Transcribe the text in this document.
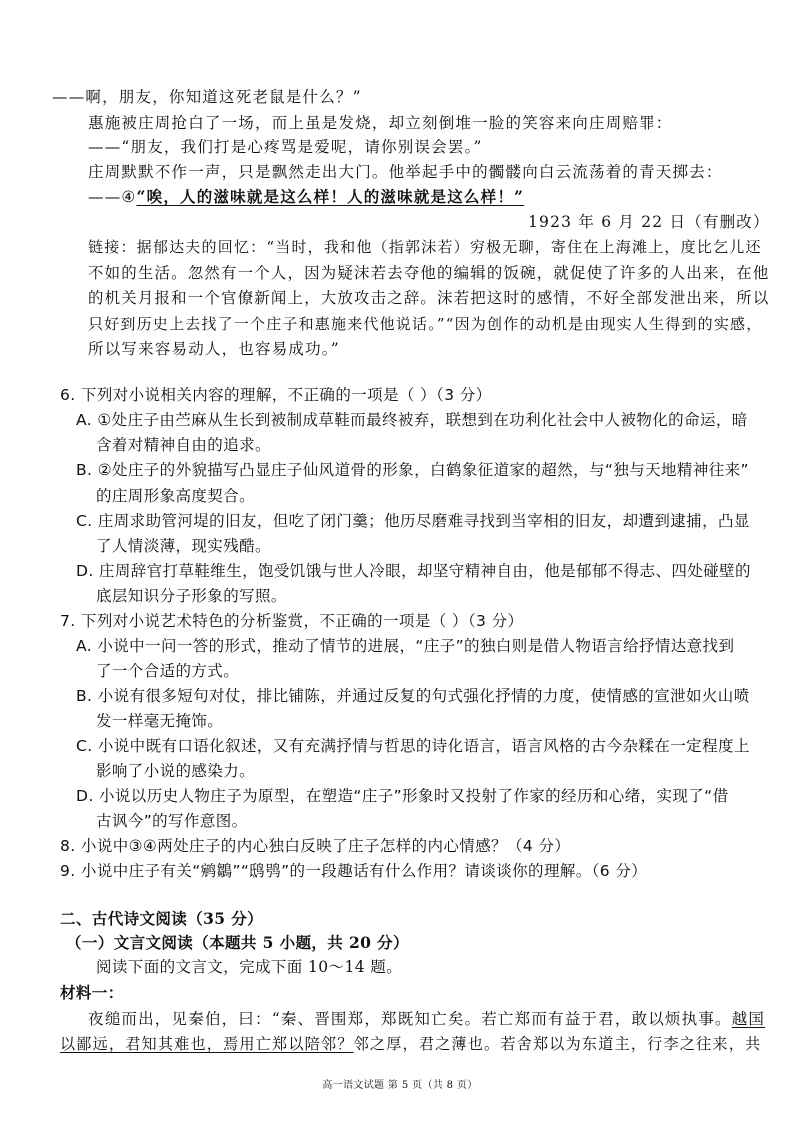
——啊，朋友，你知道这死老鼠是什么？”
惠施被庄周抢白了一场，而上虽是发烧，却立刻倒堆一脸的笑容来向庄周赔罪：
——“朋友，我们打是心疼骂是爱呢，请你别误会罢。”
庄周默默不作一声，只是飘然走出大门。他举起手中的髑髅向白云流荡着的青天掷去：
——④“唉，人的滋味就是这么样！人的滋味就是这么样！”
1923 年 6 月 22 日（有删改）
链接：据郁达夫的回忆：“当时，我和他（指郭沫若）穷极无聊，寄住在上海滩上，度比乞儿还
不如的生活。忽然有一个人，因为疑沫若去夺他的编辑的饭碗，就促使了许多的人出来，在他
的机关月报和一个官僚新闻上，大放攻击之辞。沫若把这时的感情，不好全部发泄出来，所以
只好到历史上去找了一个庄子和惠施来代他说话。”“因为创作的动机是由现实人生得到的实感，
所以写来容易动人，也容易成功。”
6. 下列对小说相关内容的理解，不正确的一项是（ ）（3 分）
A. ①处庄子由苎麻从生长到被制成草鞋而最终被弃，联想到在功利化社会中人被物化的命运，暗
含着对精神自由的追求。
B. ②处庄子的外貌描写凸显庄子仙风道骨的形象，白鹤象征道家的超然，与“独与天地精神往来”
的庄周形象高度契合。
C. 庄周求助管河堤的旧友，但吃了闭门羹；他历尽磨难寻找到当宰相的旧友，却遭到逮捕，凸显
了人情淡薄，现实残酷。
D. 庄周辞官打草鞋维生，饱受饥饿与世人冷眼，却坚守精神自由，他是郁郁不得志、四处碰壁的
底层知识分子形象的写照。
7. 下列对小说艺术特色的分析鉴赏，不正确的一项是（ ）（3 分）
A. 小说中一问一答的形式，推动了情节的进展，“庄子”的独白则是借人物语言给抒情达意找到
了一个合适的方式。
B. 小说有很多短句对仗，排比铺陈，并通过反复的句式强化抒情的力度，使情感的宣泄如火山喷
发一样毫无掩饰。
C. 小说中既有口语化叙述，又有充满抒情与哲思的诗化语言，语言风格的古今杂糅在一定程度上
影响了小说的感染力。
D. 小说以历史人物庄子为原型，在塑造“庄子”形象时又投射了作家的经历和心绪，实现了“借
古讽今”的写作意图。
8. 小说中③④两处庄子的内心独白反映了庄子怎样的内心情感？（4 分）
9. 小说中庄子有关“鹓鶵”“鸱鸮”的一段趣话有什么作用？请谈谈你的理解。（6 分）
二、古代诗文阅读（35 分）
（一）文言文阅读（本题共 5 小题，共 20 分）
阅读下面的文言文，完成下面 10～14 题。
材料一：
夜缒而出，见秦伯，曰：“秦、晋围郑，郑既知亡矣。若亡郑而有益于君，敢以烦执事。越国
以鄙远，君知其难也，焉用亡郑以陪邻？邻之厚，君之薄也。若舍郑以为东道主，行李之往来，共
高一语文试题 第 5 页（共 8 页）
